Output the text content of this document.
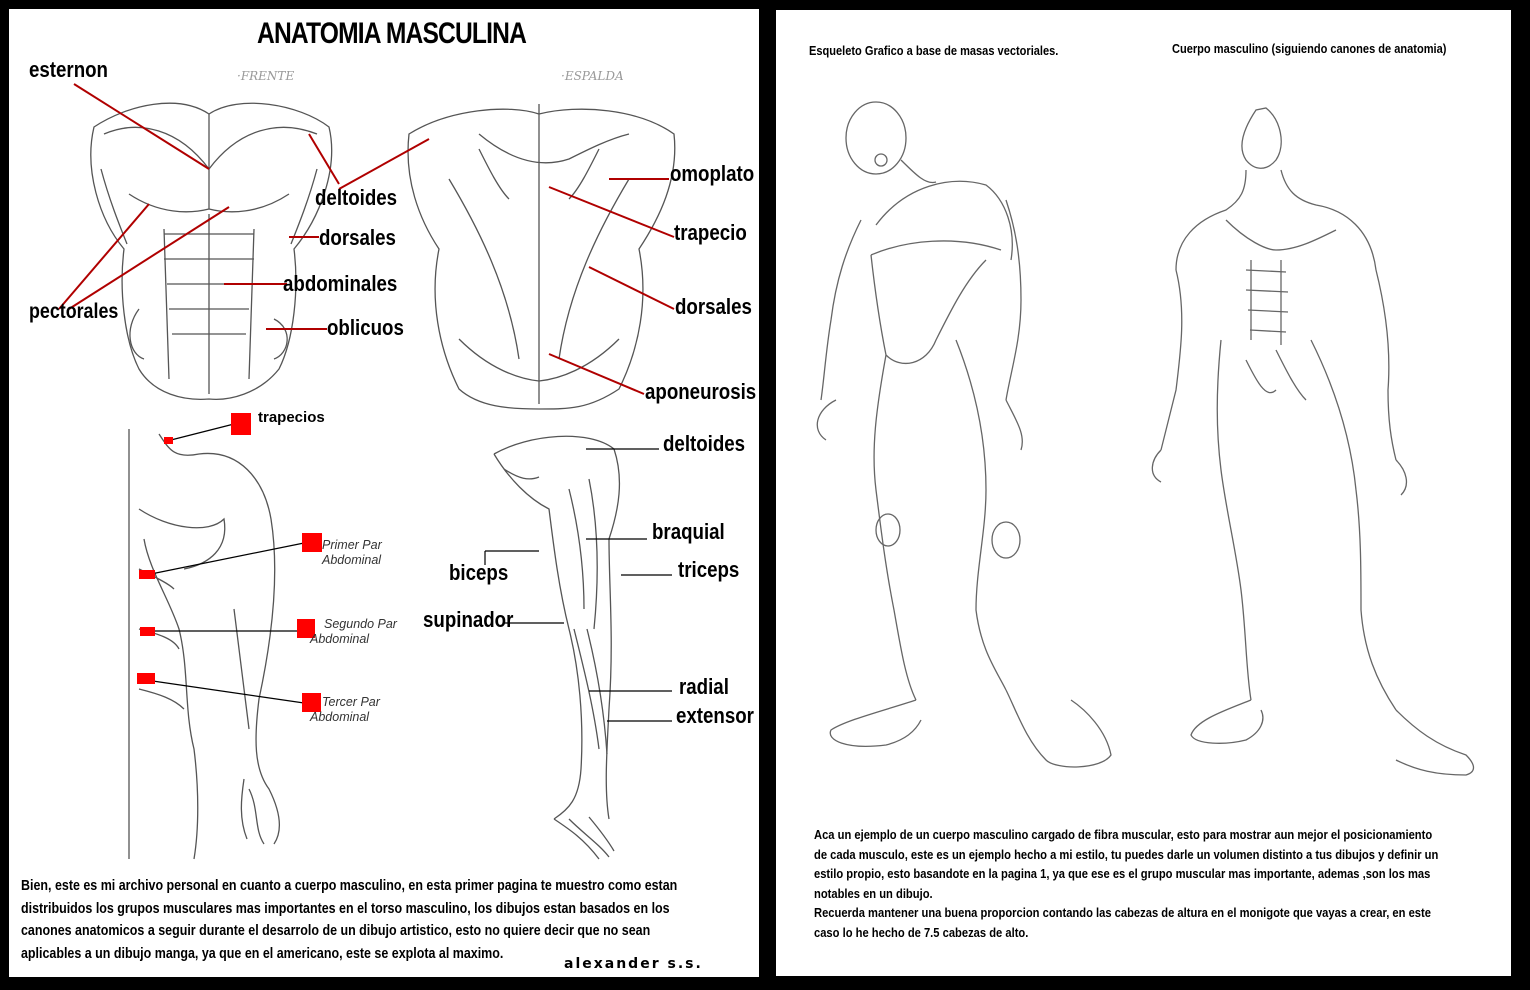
ANATOMIA MASCULINA
·FRENTE	·ESPALDA
esternon
deltoides
dorsales
abdominales
oblicuos
pectorales
omoplato
trapecio
dorsales
aponeurosis
trapecios
Primer Par
Abdominal
Segundo Par
Abdominal
Tercer Par
Abdominal
deltoides
braquial
biceps	triceps
supinador
radial
extensor
Bien, este es mi archivo personal en cuanto a cuerpo masculino, en esta primer pagina te muestro como estan
distribuidos los grupos musculares mas importantes en el torso masculino, los dibujos estan basados en los
canones anatomicos a seguir durante el desarrolo de un dibujo artistico, esto no quiere decir que no sean
aplicables a un dibujo manga, ya que en el americano, este se explota al maximo.
alexander s.s.
Esqueleto Grafico a base de masas vectoriales.	Cuerpo masculino (siguiendo canones de anatomia)
Aca un ejemplo de un cuerpo masculino cargado de fibra muscular, esto para mostrar aun mejor el posicionamiento
de cada musculo, este es un ejemplo hecho a mi estilo, tu puedes darle un volumen distinto a tus dibujos y definir un
estilo propio, esto basandote en la pagina 1, ya que ese es el grupo muscular mas importante, ademas ,son los mas
notables en un dibujo.
Recuerda mantener una buena proporcion contando las cabezas de altura en el monigote que vayas a crear, en este
caso lo he hecho de 7.5 cabezas de alto.
